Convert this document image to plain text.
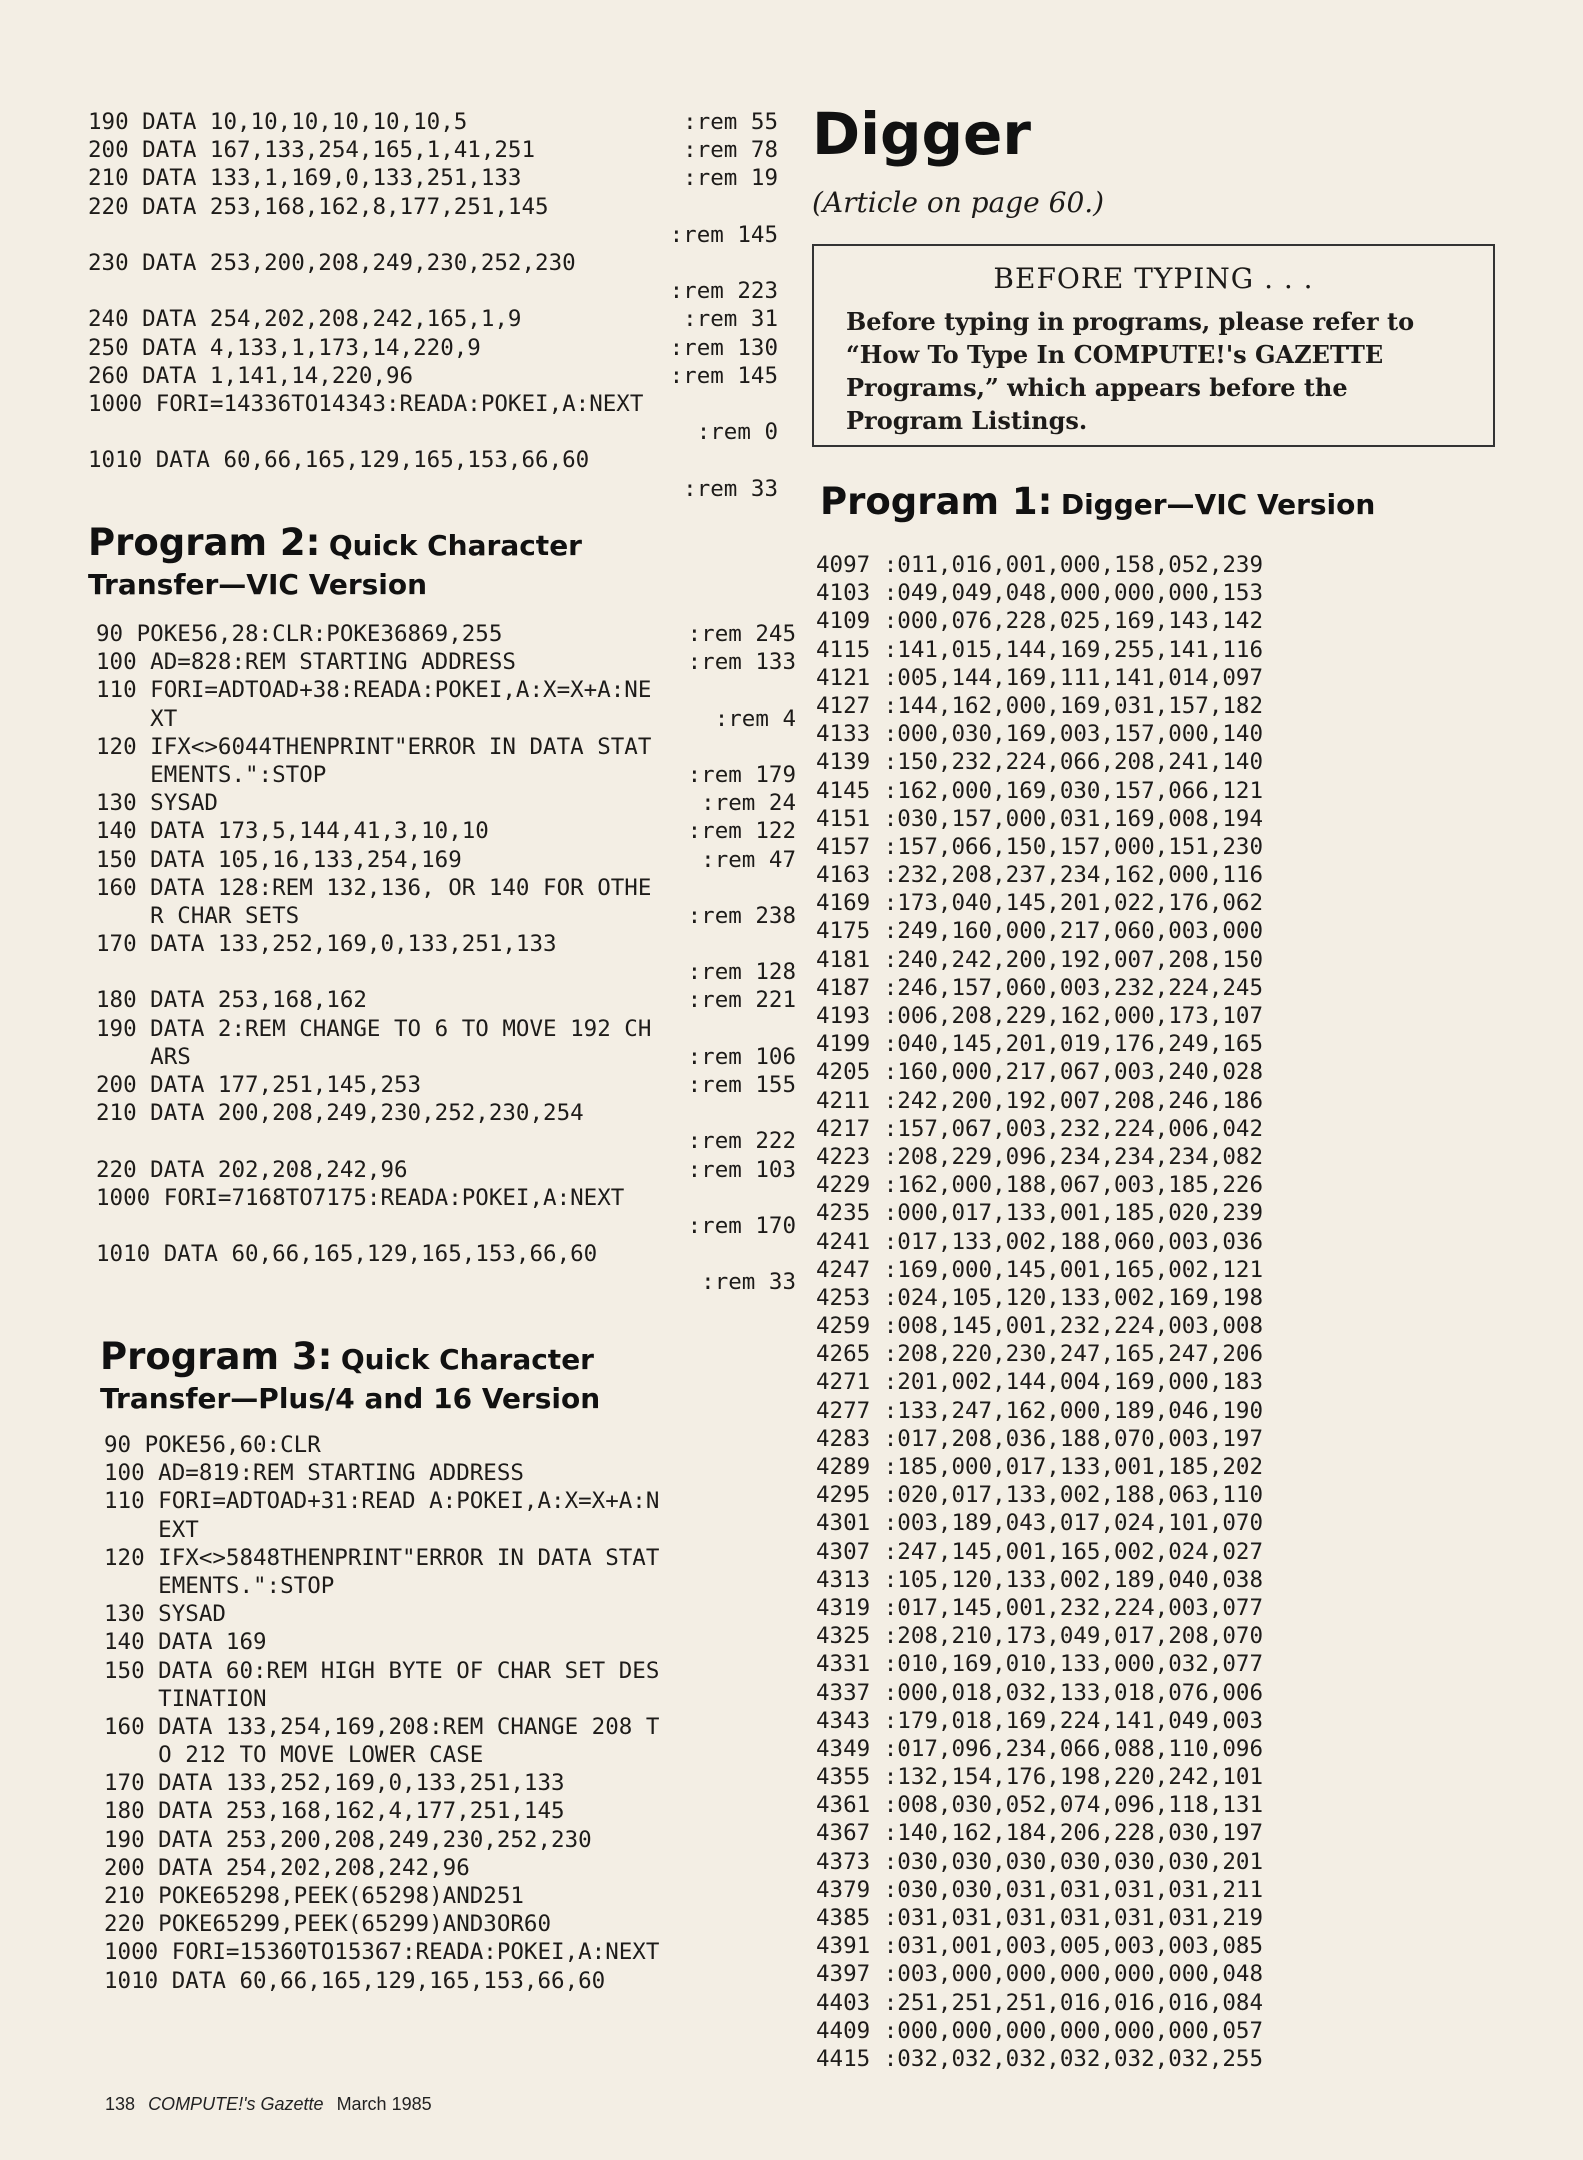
190 DATA 10,10,10,10,10,10,5	:rem 55
200 DATA 167,133,254,165,1,41,251	:rem 78
210 DATA 133,1,169,0,133,251,133	:rem 19
220 DATA 253,168,162,8,177,251,145
:rem 145
230 DATA 253,200,208,249,230,252,230
:rem 223
240 DATA 254,202,208,242,165,1,9	:rem 31
250 DATA 4,133,1,173,14,220,9	:rem 130
260 DATA 1,141,14,220,96	:rem 145
1000 FORI=14336TO14343:READA:POKEI,A:NEXT
:rem 0
1010 DATA 60,66,165,129,165,153,66,60
:rem 33
Program 2: Quick Character
Transfer—VIC Version
90 POKE56,28:CLR:POKE36869,255	:rem 245
100 AD=828:REM STARTING ADDRESS	:rem 133
110 FORI=ADTOAD+38:READA:POKEI,A:X=X+A:NE
XT	:rem 4
120 IFX<>6044THENPRINT"ERROR IN DATA STAT
EMENTS.":STOP	:rem 179
130 SYSAD	:rem 24
140 DATA 173,5,144,41,3,10,10	:rem 122
150 DATA 105,16,133,254,169	:rem 47
160 DATA 128:REM 132,136, OR 140 FOR OTHE
R CHAR SETS	:rem 238
170 DATA 133,252,169,0,133,251,133
:rem 128
180 DATA 253,168,162	:rem 221
190 DATA 2:REM CHANGE TO 6 TO MOVE 192 CH
ARS	:rem 106
200 DATA 177,251,145,253	:rem 155
210 DATA 200,208,249,230,252,230,254
:rem 222
220 DATA 202,208,242,96	:rem 103
1000 FORI=7168TO7175:READA:POKEI,A:NEXT
:rem 170
1010 DATA 60,66,165,129,165,153,66,60
:rem 33
Program 3: Quick Character
Transfer—Plus/4 and 16 Version
90 POKE56,60:CLR
100 AD=819:REM STARTING ADDRESS
110 FORI=ADTOAD+31:READ A:POKEI,A:X=X+A:N
EXT
120 IFX<>5848THENPRINT"ERROR IN DATA STAT
EMENTS.":STOP
130 SYSAD
140 DATA 169
150 DATA 60:REM HIGH BYTE OF CHAR SET DES
TINATION
160 DATA 133,254,169,208:REM CHANGE 208 T
O 212 TO MOVE LOWER CASE
170 DATA 133,252,169,0,133,251,133
180 DATA 253,168,162,4,177,251,145
190 DATA 253,200,208,249,230,252,230
200 DATA 254,202,208,242,96
210 POKE65298,PEEK(65298)AND251
220 POKE65299,PEEK(65299)AND3OR60
1000 FORI=15360TO15367:READA:POKEI,A:NEXT
1010 DATA 60,66,165,129,165,153,66,60
Digger
(Article on page 60.)
BEFORE TYPING . . .

Before typing in programs, please refer to “How To Type In COMPUTE!'s GAZETTE Programs,” which appears before the Program Listings.

Program 1: Digger—VIC Version
4097 :011,016,001,000,158,052,239
4103 :049,049,048,000,000,000,153
4109 :000,076,228,025,169,143,142
4115 :141,015,144,169,255,141,116
4121 :005,144,169,111,141,014,097
4127 :144,162,000,169,031,157,182
4133 :000,030,169,003,157,000,140
4139 :150,232,224,066,208,241,140
4145 :162,000,169,030,157,066,121
4151 :030,157,000,031,169,008,194
4157 :157,066,150,157,000,151,230
4163 :232,208,237,234,162,000,116
4169 :173,040,145,201,022,176,062
4175 :249,160,000,217,060,003,000
4181 :240,242,200,192,007,208,150
4187 :246,157,060,003,232,224,245
4193 :006,208,229,162,000,173,107
4199 :040,145,201,019,176,249,165
4205 :160,000,217,067,003,240,028
4211 :242,200,192,007,208,246,186
4217 :157,067,003,232,224,006,042
4223 :208,229,096,234,234,234,082
4229 :162,000,188,067,003,185,226
4235 :000,017,133,001,185,020,239
4241 :017,133,002,188,060,003,036
4247 :169,000,145,001,165,002,121
4253 :024,105,120,133,002,169,198
4259 :008,145,001,232,224,003,008
4265 :208,220,230,247,165,247,206
4271 :201,002,144,004,169,000,183
4277 :133,247,162,000,189,046,190
4283 :017,208,036,188,070,003,197
4289 :185,000,017,133,001,185,202
4295 :020,017,133,002,188,063,110
4301 :003,189,043,017,024,101,070
4307 :247,145,001,165,002,024,027
4313 :105,120,133,002,189,040,038
4319 :017,145,001,232,224,003,077
4325 :208,210,173,049,017,208,070
4331 :010,169,010,133,000,032,077
4337 :000,018,032,133,018,076,006
4343 :179,018,169,224,141,049,003
4349 :017,096,234,066,088,110,096
4355 :132,154,176,198,220,242,101
4361 :008,030,052,074,096,118,131
4367 :140,162,184,206,228,030,197
4373 :030,030,030,030,030,030,201
4379 :030,030,031,031,031,031,211
4385 :031,031,031,031,031,031,219
4391 :031,001,003,005,003,003,085
4397 :003,000,000,000,000,000,048
4403 :251,251,251,016,016,016,084
4409 :000,000,000,000,000,000,057
4415 :032,032,032,032,032,032,255
138 COMPUTE!'s Gazette March 1985
